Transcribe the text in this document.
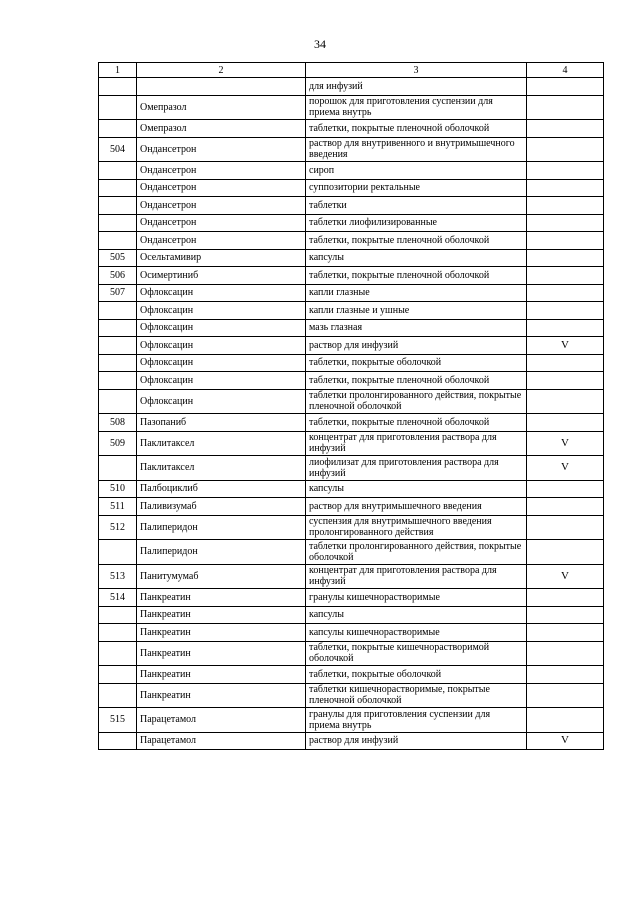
34
1	2	3	4
		для инфузий	
	Омепразол	порошок для приготовления суспензии для приема внутрь	
	Омепразол	таблетки, покрытые пленочной оболочкой	
504	Ондансетрон	раствор для внутривенного и внутримышечного введения	
	Ондансетрон	сироп	
	Ондансетрон	суппозитории ректальные	
	Ондансетрон	таблетки	
	Ондансетрон	таблетки лиофилизированные	
	Ондансетрон	таблетки, покрытые пленочной оболочкой	
505	Осельтамивир	капсулы	
506	Осимертиниб	таблетки, покрытые пленочной оболочкой	
507	Офлоксацин	капли глазные	
	Офлоксацин	капли глазные и ушные	
	Офлоксацин	мазь глазная	
	Офлоксацин	раствор для инфузий	V
	Офлоксацин	таблетки, покрытые оболочкой	
	Офлоксацин	таблетки, покрытые пленочной оболочкой	
	Офлоксацин	таблетки пролонгированного действия, покрытые пленочной оболочкой	
508	Пазопаниб	таблетки, покрытые пленочной оболочкой	
509	Паклитаксел	концентрат для приготовления раствора для инфузий	V
	Паклитаксел	лиофилизат для приготовления раствора для инфузий	V
510	Палбоциклиб	капсулы	
511	Паливизумаб	раствор для внутримышечного введения	
512	Палиперидон	суспензия для внутримышечного введения пролонгированного действия	
	Палиперидон	таблетки пролонгированного действия, покрытые оболочкой	
513	Панитумумаб	концентрат для приготовления раствора для инфузий	V
514	Панкреатин	гранулы кишечнорастворимые	
	Панкреатин	капсулы	
	Панкреатин	капсулы кишечнорастворимые	
	Панкреатин	таблетки, покрытые кишечнорастворимой оболочкой	
	Панкреатин	таблетки, покрытые оболочкой	
	Панкреатин	таблетки кишечнорастворимые, покрытые пленочной оболочкой	
515	Парацетамол	гранулы для приготовления суспензии для приема внутрь	
	Парацетамол	раствор для инфузий	V
